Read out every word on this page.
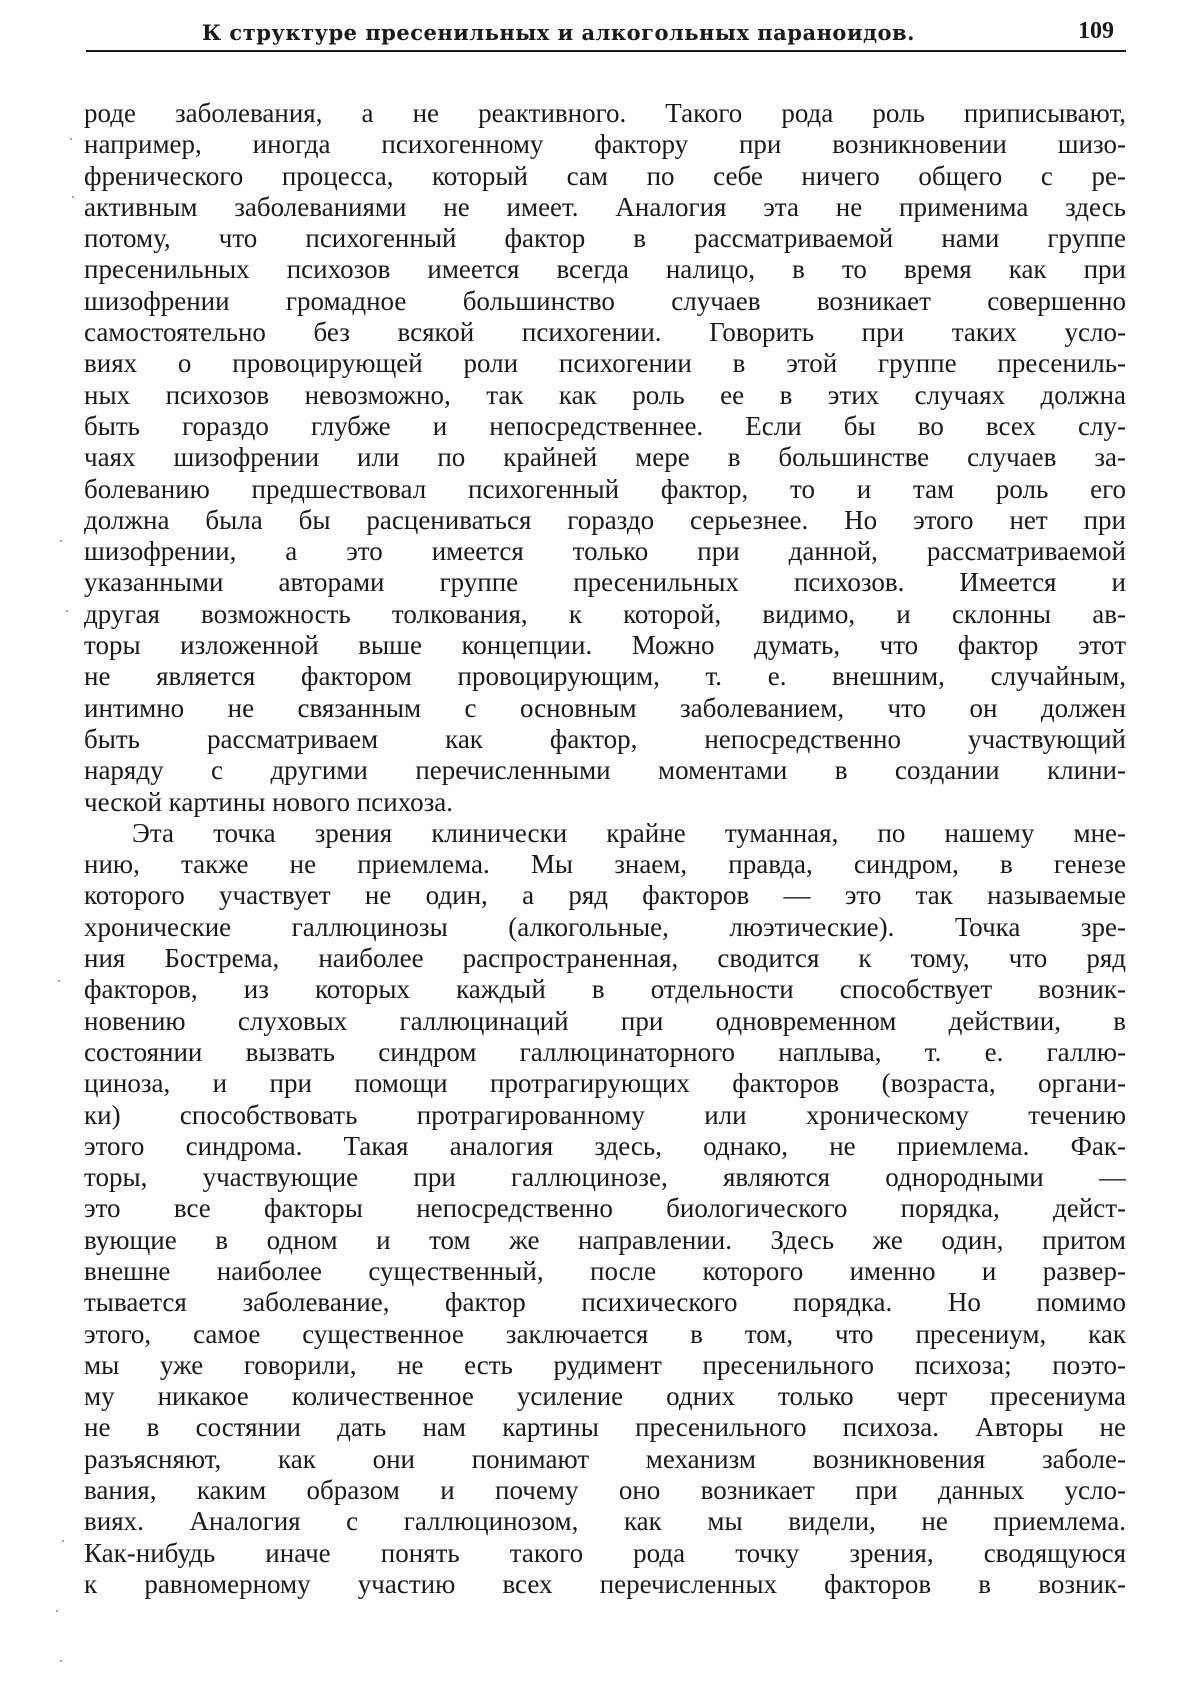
К структуре пресенильных и алкогольных параноидов.	109
роде заболевания, а не реактивного. Такого рода роль приписывают,
например, иногда психогенному фактору при возникновении шизо-
френического процесса, который сам по себе ничего общего с ре-
активным заболеваниями не имеет. Аналогия эта не применима здесь
потому, что психогенный фактор в рассматриваемой нами группе
пресенильных психозов имеется всегда налицо, в то время как при
шизофрении громадное большинство случаев возникает совершенно
самостоятельно без всякой психогении. Говорить при таких усло-
виях о провоцирующей роли психогении в этой группе пресениль-
ных психозов невозможно, так как роль ее в этих случаях должна
быть гораздо глубже и непосредственнее. Если бы во всех слу-
чаях шизофрении или по крайней мере в большинстве случаев за-
болеванию предшествовал психогенный фактор, то и там роль его
должна была бы расцениваться гораздо серьезнее. Но этого нет при
шизофрении, а это имеется только при данной, рассматриваемой
указанными авторами группе пресенильных психозов. Имеется и
другая возможность толкования, к которой, видимо, и склонны ав-
торы изложенной выше концепции. Можно думать, что фактор этот
не является фактором провоцирующим, т. е. внешним, случайным,
интимно не связанным с основным заболеванием, что он должен
быть рассматриваем как фактор, непосредственно участвующий
наряду с другими перечисленными моментами в создании клини-
ческой картины нового психоза.
Эта точка зрения клинически крайне туманная, по нашему мне-
нию, также не приемлема. Мы знаем, правда, синдром, в генезе
которого участвует не один, а ряд факторов — это так называемые
хронические галлюцинозы (алкогольные, люэтические). Точка зре-
ния Бострема, наиболее распространенная, сводится к тому, что ряд
факторов, из которых каждый в отдельности способствует возник-
новению слуховых галлюцинаций при одновременном действии, в
состоянии вызвать синдром галлюцинаторного наплыва, т. е. галлю-
циноза, и при помощи протрагирующих факторов (возраста, органи-
ки) способствовать протрагированному или хроническому течению
этого синдрома. Такая аналогия здесь, однако, не приемлема. Фак-
торы, участвующие при галлюцинозе, являются однородными —
это все факторы непосредственно биологического порядка, дейст-
вующие в одном и том же направлении. Здесь же один, притом
внешне наиболее существенный, после которого именно и развер-
тывается заболевание, фактор психического порядка. Но помимо
этого, самое существенное заключается в том, что пресениум, как
мы уже говорили, не есть рудимент пресенильного психоза; поэто-
му никакое количественное усиление одних только черт пресениума
не в состянии дать нам картины пресенильного психоза. Авторы не
разъясняют, как они понимают механизм возникновения заболе-
вания, каким образом и почему оно возникает при данных усло-
виях. Аналогия с галлюцинозом, как мы видели, не приемлема.
Как-нибудь иначе понять такого рода точку зрения, сводящуюся
к равномерному участию всех перечисленных факторов в возник-
